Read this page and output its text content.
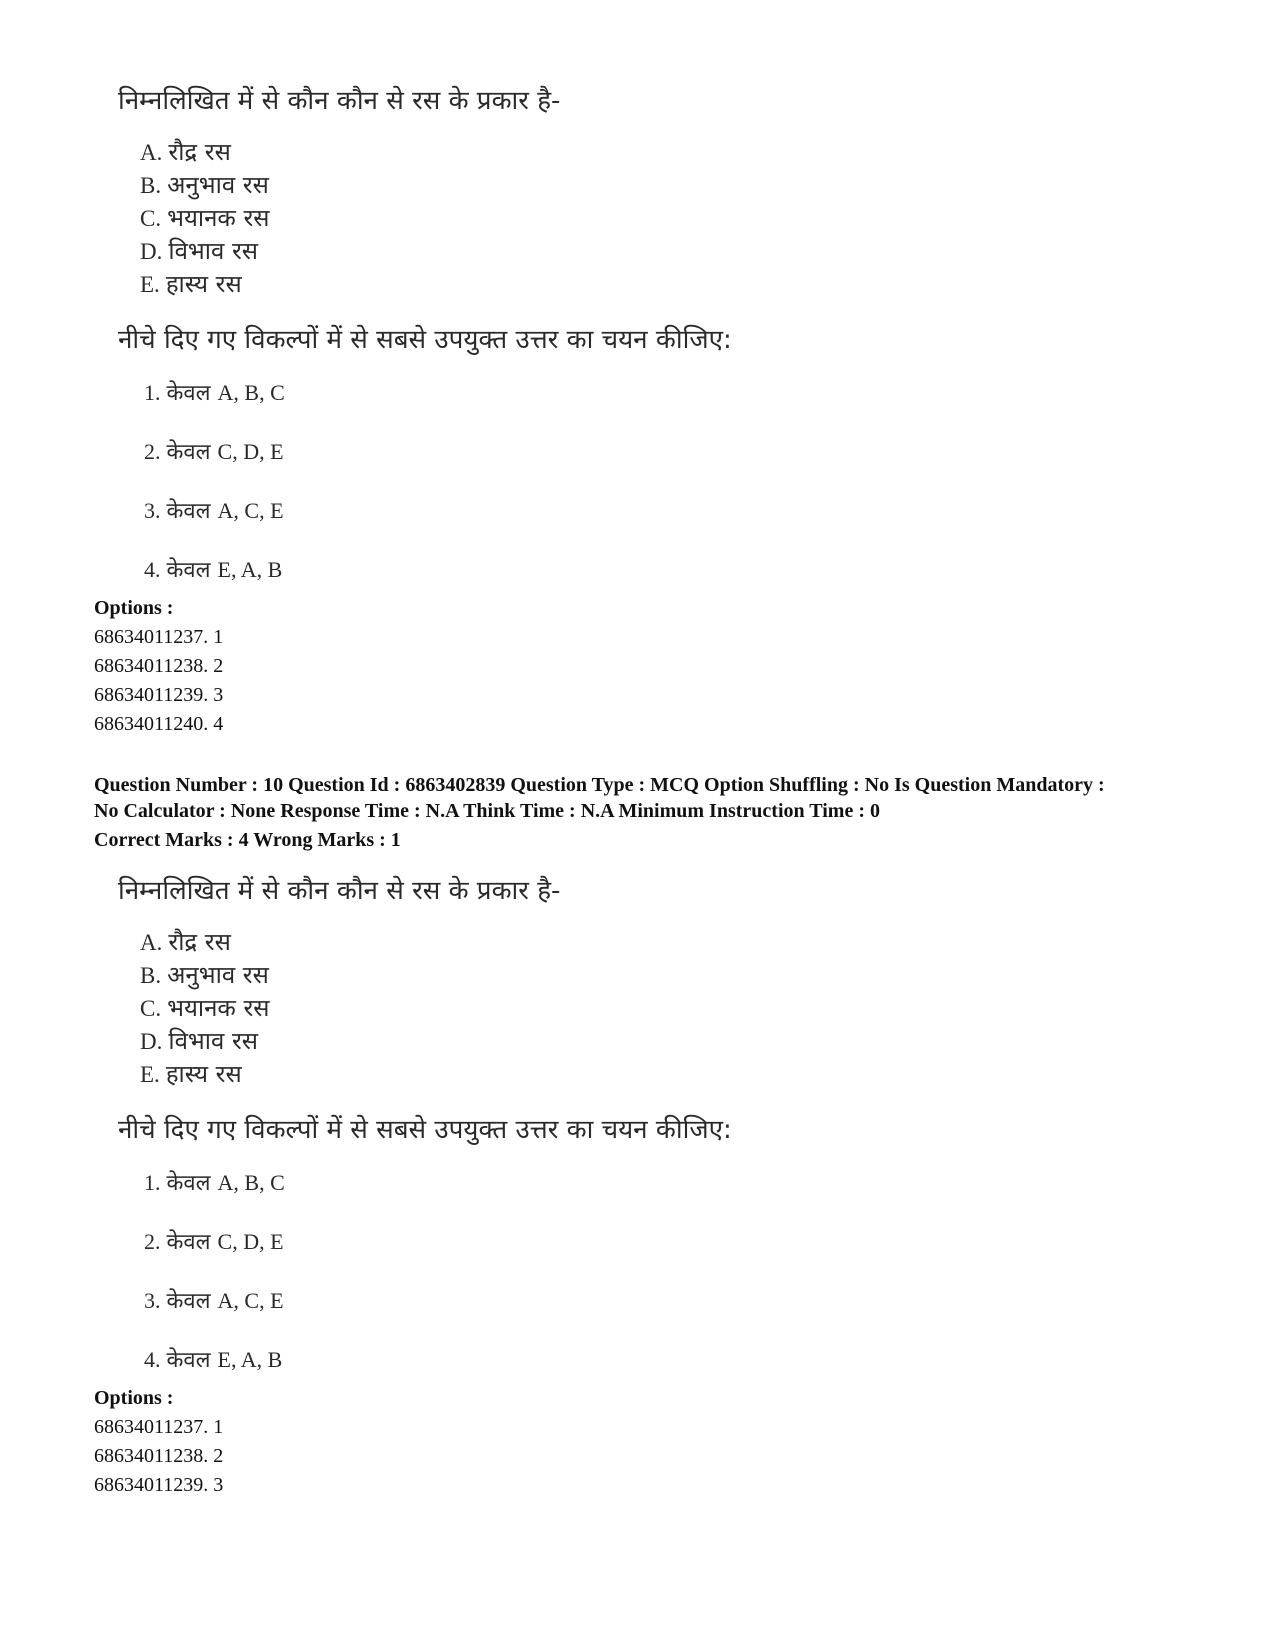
निम्नलिखित में से कौन कौन से रस के प्रकार है-

A. रौद्र रस
B. अनुभाव रस
C. भयानक रस
D. विभाव रस
E. हास्य रस

नीचे दिए गए विकल्पों में से सबसे उपयुक्त उत्तर का चयन कीजिए:

1. केवल A, B, C
2. केवल C, D, E
3. केवल A, C, E
4. केवल E, A, B

Options :

68634011237. 1

68634011238. 2

68634011239. 3

68634011240. 4

Question Number : 10 Question Id : 6863402839 Question Type : MCQ Option Shuffling : No Is Question Mandatory :

No Calculator : None Response Time : N.A Think Time : N.A Minimum Instruction Time : 0

Correct Marks : 4 Wrong Marks : 1

निम्नलिखित में से कौन कौन से रस के प्रकार है-

A. रौद्र रस
B. अनुभाव रस
C. भयानक रस
D. विभाव रस
E. हास्य रस

नीचे दिए गए विकल्पों में से सबसे उपयुक्त उत्तर का चयन कीजिए:

1. केवल A, B, C
2. केवल C, D, E
3. केवल A, C, E
4. केवल E, A, B

Options :

68634011237. 1

68634011238. 2

68634011239. 3
